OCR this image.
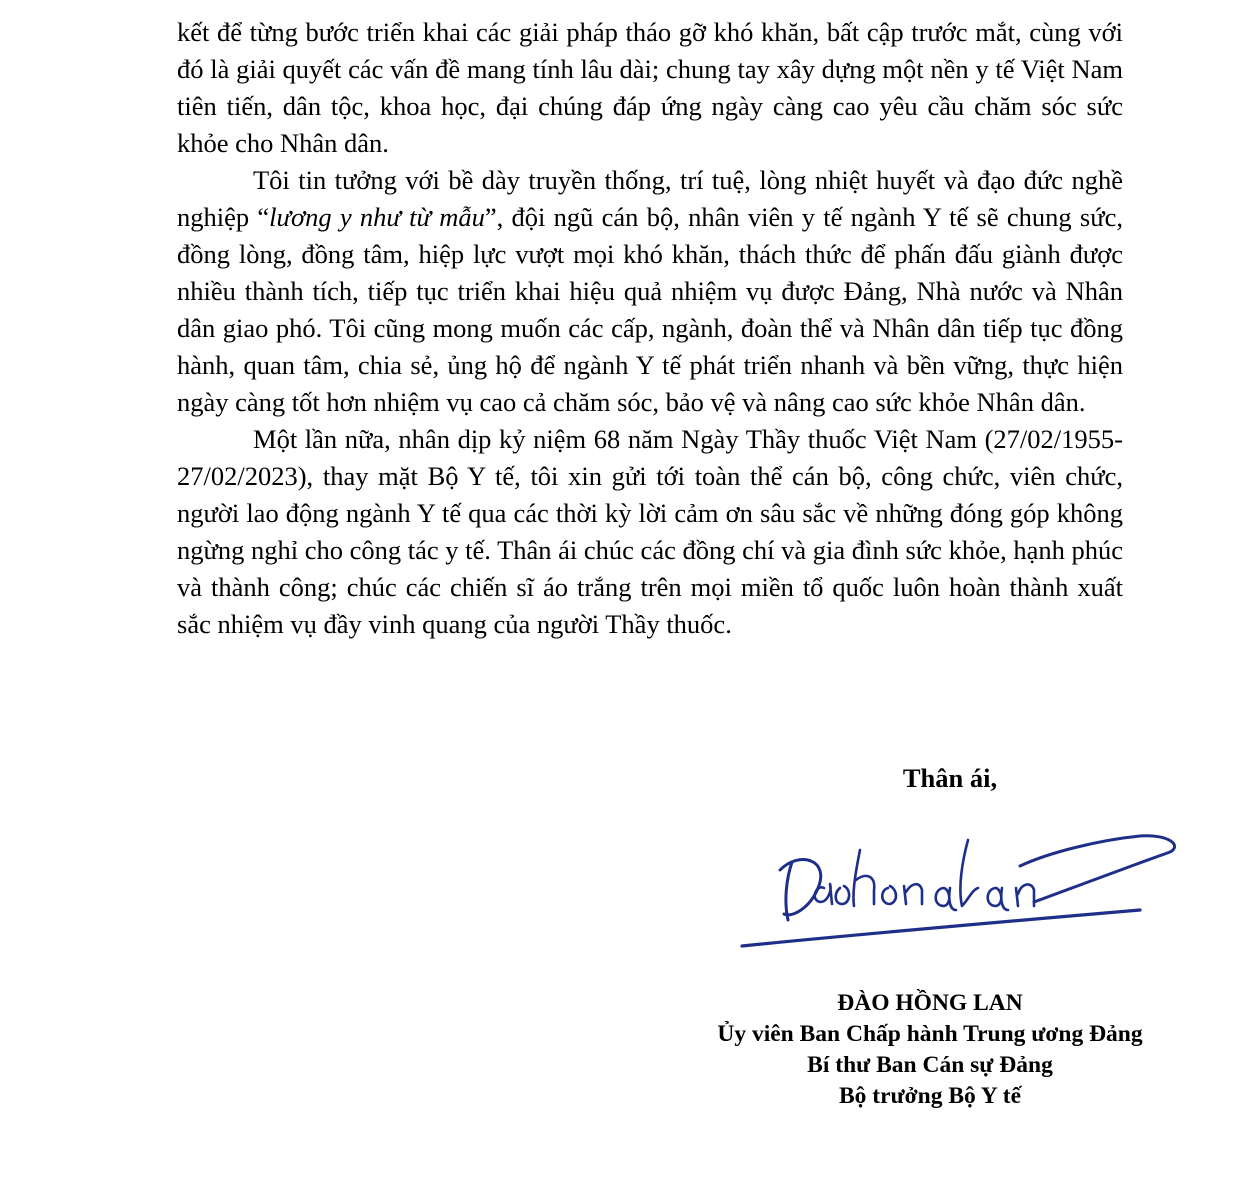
kết để từng bước triển khai các giải pháp tháo gỡ khó khăn, bất cập trước mắt, cùng với đó là giải quyết các vấn đề mang tính lâu dài; chung tay xây dựng một nền y tế Việt Nam tiên tiến, dân tộc, khoa học, đại chúng đáp ứng ngày càng cao yêu cầu chăm sóc sức khỏe cho Nhân dân.

Tôi tin tưởng với bề dày truyền thống, trí tuệ, lòng nhiệt huyết và đạo đức nghề nghiệp “lương y như từ mẫu”, đội ngũ cán bộ, nhân viên y tế ngành Y tế sẽ chung sức, đồng lòng, đồng tâm, hiệp lực vượt mọi khó khăn, thách thức để phấn đấu giành được nhiều thành tích, tiếp tục triển khai hiệu quả nhiệm vụ được Đảng, Nhà nước và Nhân dân giao phó. Tôi cũng mong muốn các cấp, ngành, đoàn thể và Nhân dân tiếp tục đồng hành, quan tâm, chia sẻ, ủng hộ để ngành Y tế phát triển nhanh và bền vững, thực hiện ngày càng tốt hơn nhiệm vụ cao cả chăm sóc, bảo vệ và nâng cao sức khỏe Nhân dân.

Một lần nữa, nhân dịp kỷ niệm 68 năm Ngày Thầy thuốc Việt Nam (27/02/1955-27/02/2023), thay mặt Bộ Y tế, tôi xin gửi tới toàn thể cán bộ, công chức, viên chức, người lao động ngành Y tế qua các thời kỳ lời cảm ơn sâu sắc về những đóng góp không ngừng nghỉ cho công tác y tế. Thân ái chúc các đồng chí và gia đình sức khỏe, hạnh phúc và thành công; chúc các chiến sĩ áo trắng trên mọi miền tổ quốc luôn hoàn thành xuất sắc nhiệm vụ đầy vinh quang của người Thầy thuốc.

Thân ái,

ĐÀO HỒNG LAN
Ủy viên Ban Chấp hành Trung ương Đảng
Bí thư Ban Cán sự Đảng
Bộ trưởng Bộ Y tế
